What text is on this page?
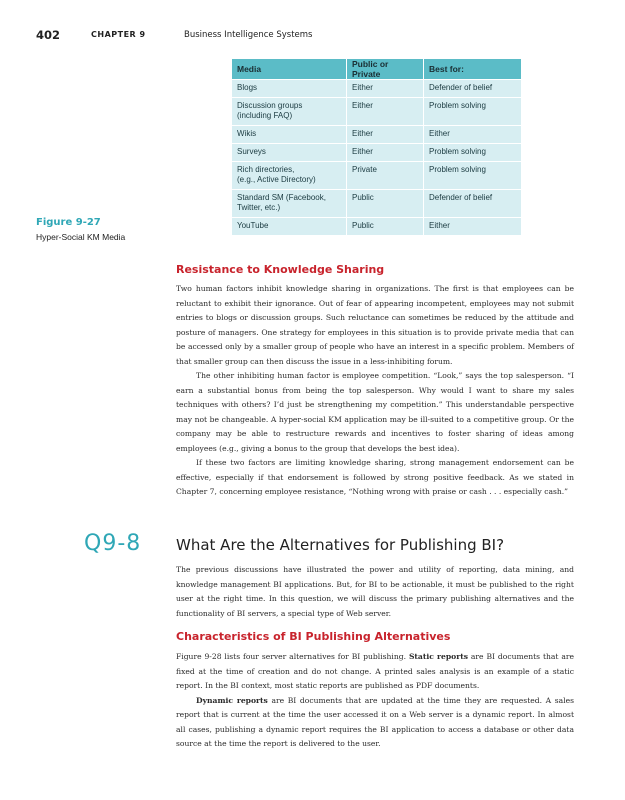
402	CHAPTER 9	Business Intelligence Systems
Media	Public or Private	Best for:
Blogs	Either	Defender of belief
Discussion groups
(including FAQ)	Either	Problem solving
Wikis	Either	Either
Surveys	Either	Problem solving
Rich directories,
(e.g., Active Directory)	Private	Problem solving
Standard SM (Facebook,
Twitter, etc.)	Public	Defender of belief
YouTube	Public	Either
Figure 9-27
Hyper-Social KM Media
Resistance to Knowledge Sharing

Two human factors inhibit knowledge sharing in organizations. The first is that employees can be reluctant to exhibit their ignorance. Out of fear of appearing incompetent, employees may not submit entries to blogs or discussion groups. Such reluctance can sometimes be reduced by the attitude and posture of managers. One strategy for employees in this situation is to provide private media that can be accessed only by a smaller group of people who have an interest in a specific problem. Members of that smaller group can then discuss the issue in a less-inhibiting forum.

The other inhibiting human factor is employee competition. “Look,” says the top salesperson. “I earn a substantial bonus from being the top salesperson. Why would I want to share my sales techniques with others? I’d just be strengthening my competition.” This understandable perspective may not be changeable. A hyper-social KM application may be ill-suited to a competitive group. Or the company may be able to restructure rewards and incentives to foster sharing of ideas among employees (e.g., giving a bonus to the group that develops the best idea).

If these two factors are limiting knowledge sharing, strong management endorsement can be effective, especially if that endorsement is followed by strong positive feedback. As we stated in Chapter 7, concerning employee resistance, “Nothing wrong with praise or cash . . . especially cash.”

Q9-8 What Are the Alternatives for Publishing BI?

The previous discussions have illustrated the power and utility of reporting, data mining, and knowledge management BI applications. But, for BI to be actionable, it must be published to the right user at the right time. In this question, we will discuss the primary publishing alternatives and the functionality of BI servers, a special type of Web server.

Characteristics of BI Publishing Alternatives

Figure 9-28 lists four server alternatives for BI publishing. Static reports are BI documents that are fixed at the time of creation and do not change. A printed sales analysis is an example of a static report. In the BI context, most static reports are published as PDF documents.

Dynamic reports are BI documents that are updated at the time they are requested. A sales report that is current at the time the user accessed it on a Web server is a dynamic report. In almost all cases, publishing a dynamic report requires the BI application to access a database or other data source at the time the report is delivered to the user.
